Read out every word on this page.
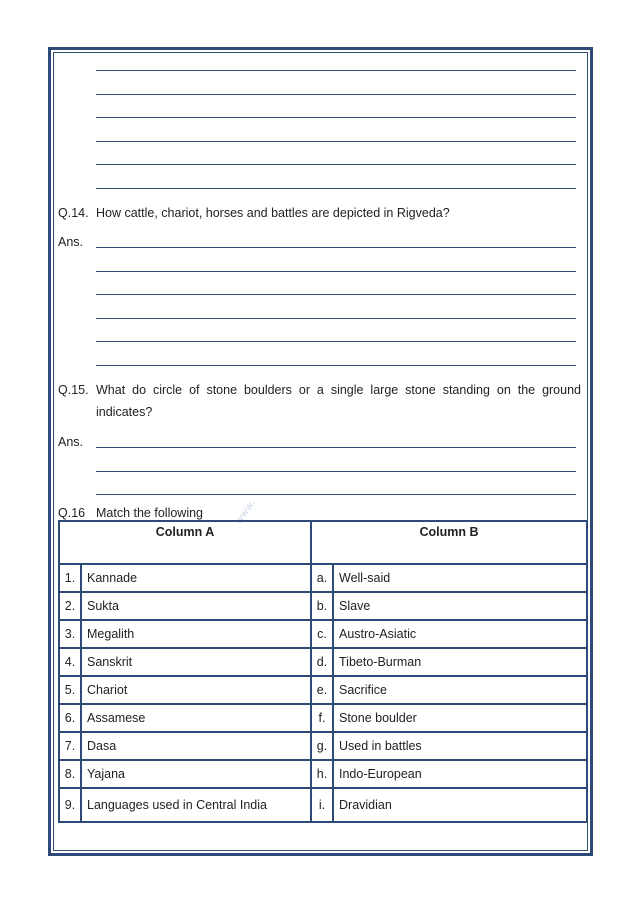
Q.14. How cattle, chariot, horses and battles are depicted in Rigveda?
Ans.
Q.15. What do circle of stone boulders or a single large stone standing on the ground
indicates?
Ans.
Q.16 Match the following	www.
Column A		Column B	
1.	Kannade	a.	Well-said
2.	Sukta	b.	Slave
3.	Megalith	c.	Austro-Asiatic
4.	Sanskrit	d.	Tibeto-Burman
5.	Chariot	e.	Sacrifice
6.	Assamese	f.	Stone boulder
7.	Dasa	g.	Used in battles
8.	Yajana	h.	Indo-European
9.	Languages used in Central India	i.	Dravidian
